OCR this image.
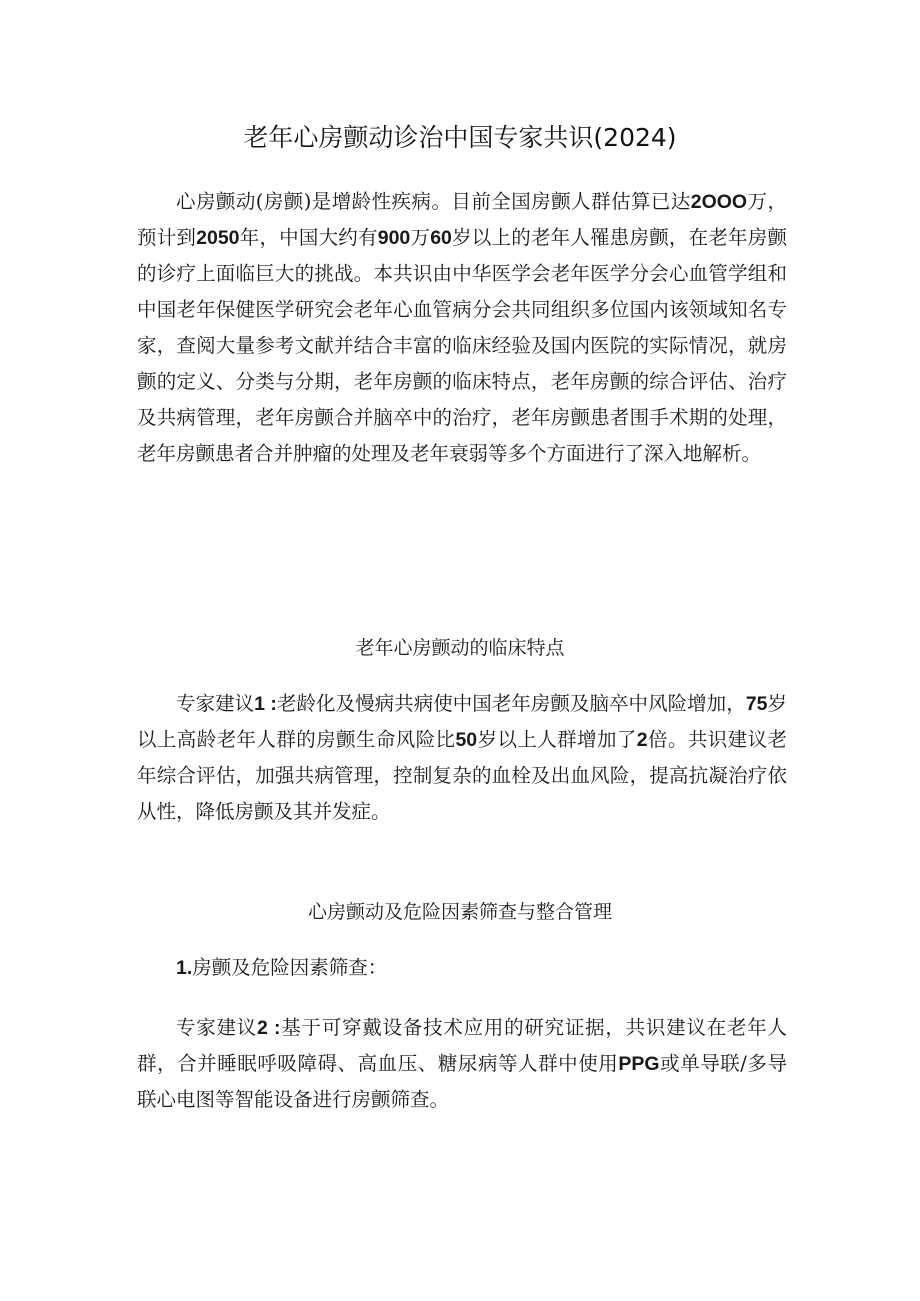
老年心房颤动诊治中国专家共识(2024)

心房颤动(房颤)是增龄性疾病。目前全国房颤人群估算已达2OOO万，预计到2050年，中国大约有900万60岁以上的老年人罹患房颤，在老年房颤的诊疗上面临巨大的挑战。本共识由中华医学会老年医学分会心血管学组和中国老年保健医学研究会老年心血管病分会共同组织多位国内该领域知名专家，查阅大量参考文献并结合丰富的临床经验及国内医院的实际情况，就房颤的定义、分类与分期，老年房颤的临床特点，老年房颤的综合评估、治疗及共病管理，老年房颤合并脑卒中的治疗，老年房颤患者围手术期的处理，老年房颤患者合并肿瘤的处理及老年衰弱等多个方面进行了深入地解析。

老年心房颤动的临床特点

专家建议1 :老龄化及慢病共病使中国老年房颤及脑卒中风险增加，75岁以上高龄老年人群的房颤生命风险比50岁以上人群增加了2倍。共识建议老年综合评估，加强共病管理，控制复杂的血栓及出血风险，提高抗凝治疗依从性，降低房颤及其并发症。

心房颤动及危险因素筛查与整合管理

1.房颤及危险因素筛查：

专家建议2 :基于可穿戴设备技术应用的研究证据，共识建议在老年人群，合并睡眠呼吸障碍、高血压、糖尿病等人群中使用PPG或单导联/多导联心电图等智能设备进行房颤筛查。
